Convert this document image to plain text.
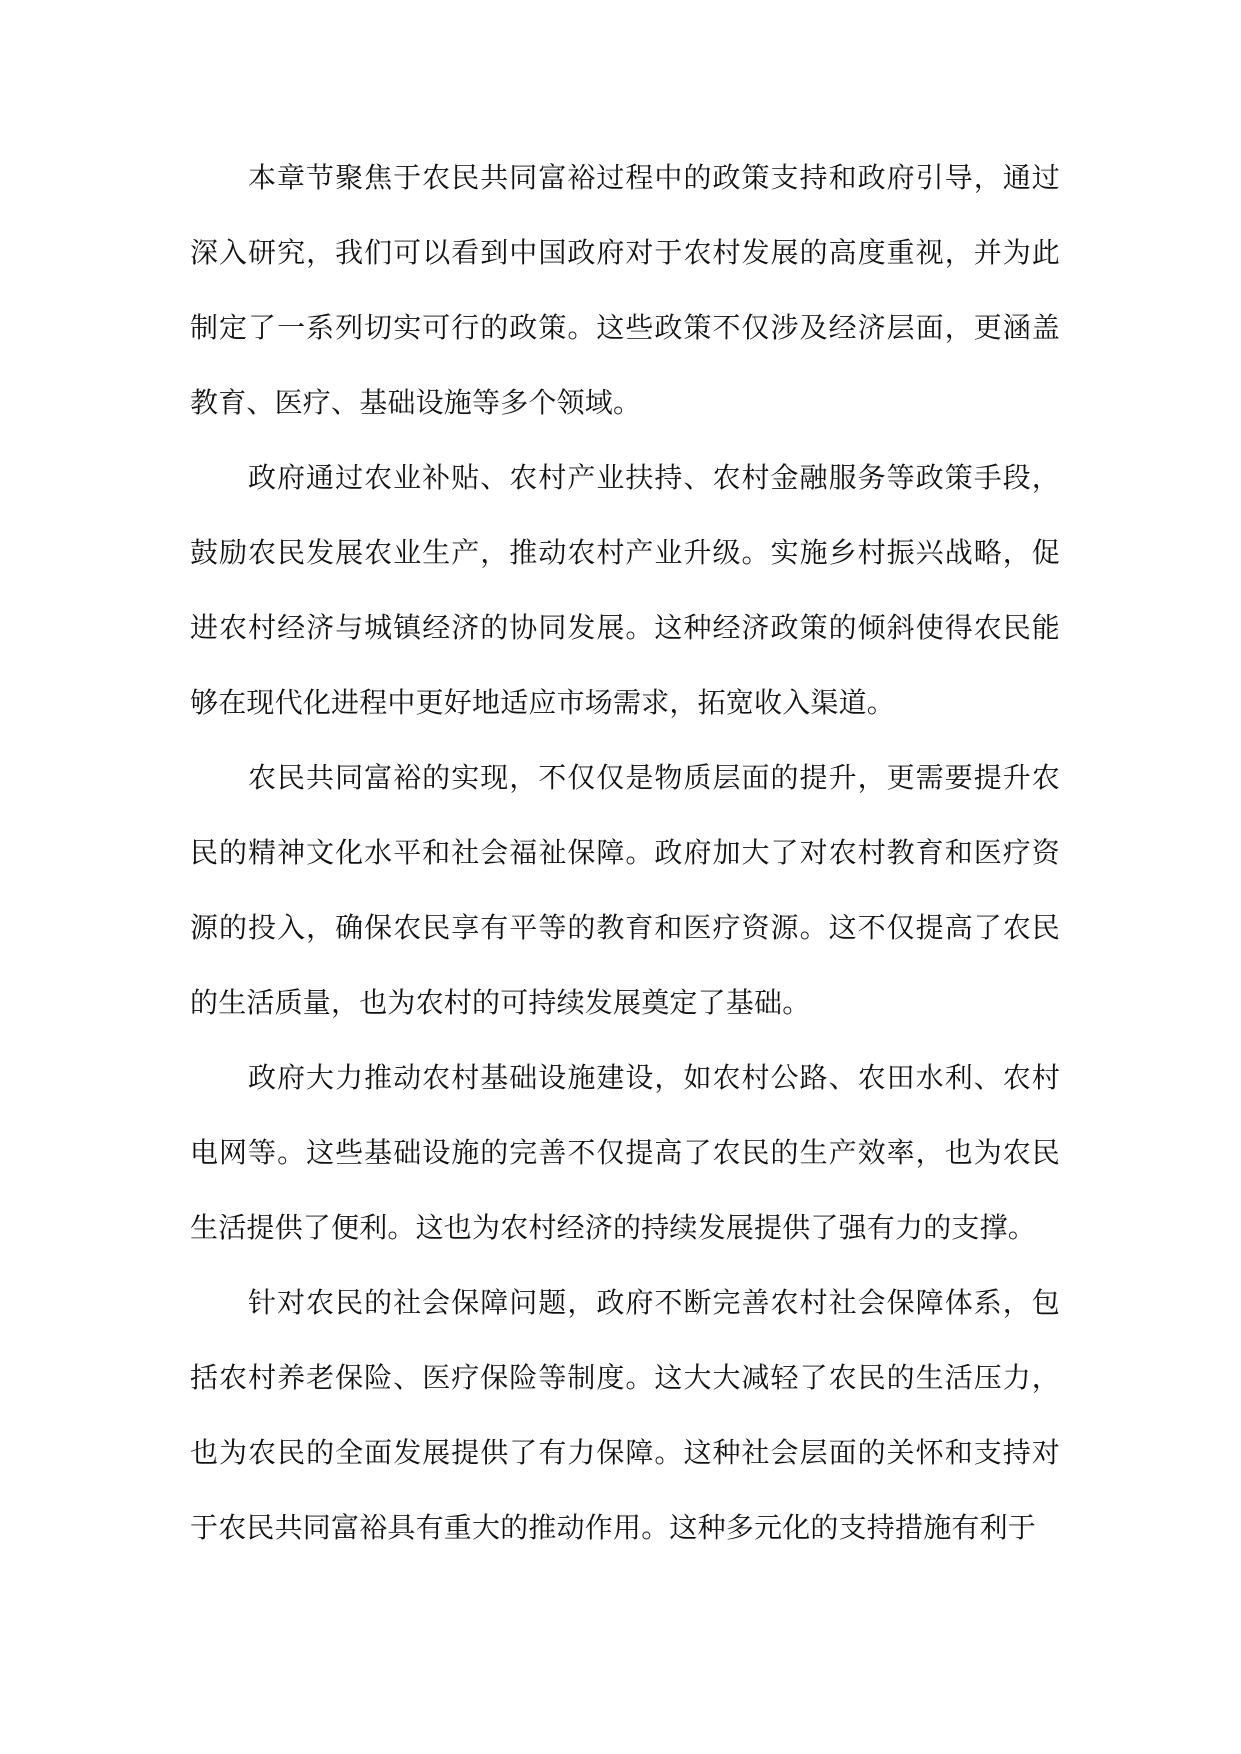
本章节聚焦于农民共同富裕过程中的政策支持和政府引导，通过深入研究，我们可以看到中国政府对于农村发展的高度重视，并为此制定了一系列切实可行的政策。这些政策不仅涉及经济层面，更涵盖教育、医疗、基础设施等多个领域。

政府通过农业补贴、农村产业扶持、农村金融服务等政策手段，鼓励农民发展农业生产，推动农村产业升级。实施乡村振兴战略，促进农村经济与城镇经济的协同发展。这种经济政策的倾斜使得农民能够在现代化进程中更好地适应市场需求，拓宽收入渠道。

农民共同富裕的实现，不仅仅是物质层面的提升，更需要提升农民的精神文化水平和社会福祉保障。政府加大了对农村教育和医疗资源的投入，确保农民享有平等的教育和医疗资源。这不仅提高了农民的生活质量，也为农村的可持续发展奠定了基础。

政府大力推动农村基础设施建设，如农村公路、农田水利、农村电网等。这些基础设施的完善不仅提高了农民的生产效率，也为农民生活提供了便利。这也为农村经济的持续发展提供了强有力的支撑。

针对农民的社会保障问题，政府不断完善农村社会保障体系，包括农村养老保险、医疗保险等制度。这大大减轻了农民的生活压力，也为农民的全面发展提供了有力保障。这种社会层面的关怀和支持对于农民共同富裕具有重大的推动作用。这种多元化的支持措施有利于
